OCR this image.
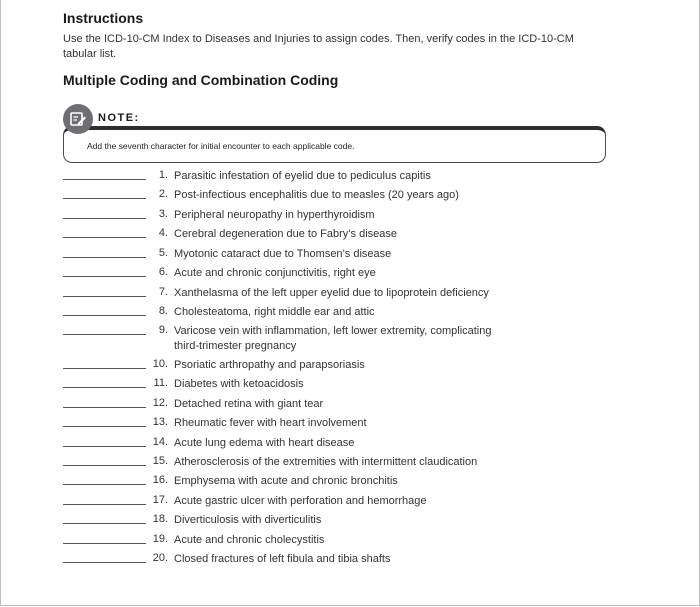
Instructions

Use the ICD-10-CM Index to Diseases and Injuries to assign codes. Then, verify codes in the ICD-10-CM tabular list.

Multiple Coding and Combination Coding
NOTE:
Add the seventh character for initial encounter to each applicable code.
1. Parasitic infestation of eyelid due to pediculus capitis
2. Post-infectious encephalitis due to measles (20 years ago)
3. Peripheral neuropathy in hyperthyroidism
4. Cerebral degeneration due to Fabry’s disease
5. Myotonic cataract due to Thomsen’s disease
6. Acute and chronic conjunctivitis, right eye
7. Xanthelasma of the left upper eyelid due to lipoprotein deficiency
8. Cholesteatoma, right middle ear and attic
9. Varicose vein with inflammation, left lower extremity, complicating third-trimester pregnancy
10. Psoriatic arthropathy and parapsoriasis
11. Diabetes with ketoacidosis
12. Detached retina with giant tear
13. Rheumatic fever with heart involvement
14. Acute lung edema with heart disease
15. Atherosclerosis of the extremities with intermittent claudication
16. Emphysema with acute and chronic bronchitis
17. Acute gastric ulcer with perforation and hemorrhage
18. Diverticulosis with diverticulitis
19. Acute and chronic cholecystitis
20. Closed fractures of left fibula and tibia shafts
